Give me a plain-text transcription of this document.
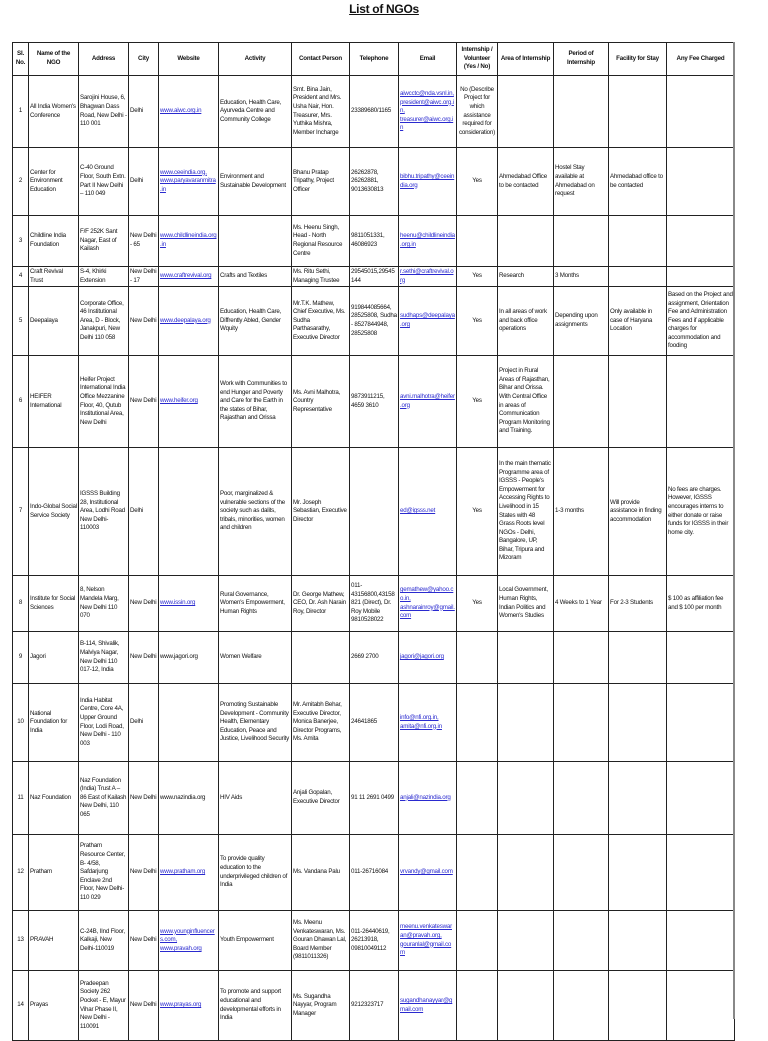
List of NGOs
SI. No.	Name of the NGO	Address	City	Website	Activity	Contact Person	Telephone	Email	Internship / Volunteer (Yes / No)	Area of Internship	Period of Internship	Facility for Stay	Any Fee Charged
1	All India Women's Conference	Sarojini House, 6, Bhagwan Dass Road, New Delhi - 110 001	Delhi	www.aiwc.org.in	Education, Health Care, Ayurveda Centre and Community College	Smt. Bina Jain, President and Mrs. Usha Nair, Hon. Treasurer, Mrs. Yuthika Mishra, Member Incharge	23389680/1165	aiwcctc@nda.vsnl.in, president@aiwc.org.in, treasurer@aiwc.org.in	No (Describe Project for which assistance required for consideration)				
2	Center for Environment Education	C-40 Ground Floor, South Extn. Part II New Delhi – 110 049	Delhi	www.ceeindia.org, www.paryavaranmitra.in	Environment and Sustainable Development	Bhanu Pratap Tripathy, Project Officer	26262878, 26262881, 9013630813	bibhu.tripathy@ceeindia.org	Yes	Ahmedabad Office to be contacted	Hostel Stay available at Ahmedabad on request	Ahmedabad office to be contacted	
3	Childline India Foundation	F/F 252K Sant Nagar, East of Kailash	New Delhi - 65	www.childlineindia.org.in		Ms. Heenu Singh, Head - North Regional Resource Centre	9811051331, 46086923	heenu@childlineindia.org.in					
4	Craft Revival Trust	S-4, Khirki Extension	New Delhi - 17	www.craftrevival.org	Crafts and Textiles	Ms. Ritu Sethi, Managing Trustee	29545015,29545144	r.sethi@craftrevival.org	Yes	Research	3 Months		
5	Deepalaya	Corporate Office, 46 Institutional Area, D - Block, Janakpuri, New Delhi 110 058	New Delhi	www.deepalaya.org	Education, Health Care, Diffrently Abled, Gender Wquity	Mr.T.K. Mathew, Chief Executive, Ms. Sudha Parthasarathy, Executive Director	919844085664, 28525808, Sudha - 8527844948, 28525808	sudhaps@deepalaya.org	Yes	In all areas of work and back office operations	Depending upon assignments	Only available in case of Haryana Location	Based on the Project and assignment, Orientation Fee and Administration Fees and if applicable charges for accommodation and fooding
6	HEIFER International	Heifer Project International India Office Mezzanine Floor, 40, Qutub Institutional Area, New Delhi	New Delhi	www.heifer.org	Work with Communities to end Hunger and Poverty and Care for the Earth in the states of Bihar, Rajasthan and Orissa	Ms. Avni Malhotra, Country Representative	9873911215, 4659 3610	avni.malhotra@heifer.org	Yes	Project in Rural Areas of Rajasthan, Bihar and Orissa. With Central Office in areas of Communication Program Monitoring and Training.			
7	Indo-Global Social Service Society	IGSSS Building 28, Institutional Area, Lodhi Road New Delhi-110003	Delhi		Poor, marginalized & vulnerable sections of the society such as dalits, tribals, minorities, women and children	Mr. Joseph Sebastian, Executive Director		ed@igsss.net	Yes	In the main thematic Programme area of IGSSS - People's Empowerment for Accessing Rights to Livelihood in 15 States with 48 Grass Roots level NGOs - Delhi, Bangalore, UP, Bihar, Tripura and Mizoram	1-3 months	Will provide assistance in finding accommodation	No fees are charges. However, IGSSS encourages interns to either donate or raise funds for IGSSS in their home city.
8	Institute for Social Sciences	8, Nelson Mandela Marg, New Delhi 110 070	New Delhi	www.issin.org	Rural Governance, Women's Empowerment, Human Rights	Dr. George Mathew, CEO, Dr. Ash Narain Roy, Director	011-43156800,43158821 (Direct), Dr. Roy Mobile 9810528022	gemathew@yahoo.co.in, ashnarainroy@gmail.com	Yes	Local Government, Human Rights, Indian Politics and Women's Studies	4 Weeks to 1 Year	For 2-3 Students	$ 100 as affiliation fee and $ 100 per month
9	Jagori	B-114, Shivalik, Malviya Nagar, New Delhi 110 017-12, India	New Delhi	www.jagori.org	Women Welfare		2669 2700	jagori@jagori.org					
10	National Foundation for India	India Habitat Centre, Core 4A, Upper Ground Floor, Lodi Road, New Delhi - 110 003	Delhi		Promoting Sustainable Development - Community Health, Elementary Education, Peace and Justice, Livelihood Security	Mr. Amitabh Behar, Executive Director, Monica Banerjee, Director Programs, Ms. Amita	24641865	info@nfi.org.in, amita@nfi.org.in					
11	Naz Foundation	Naz Foundation (India) Trust A – 86 East of Kailash New Delhi, 110 065	New Delhi	www.nazindia.org	HIV Aids	Anjali Gopalan, Executive Director	91 11 2691 0499	anjali@nazindia.org					
12	Pratham	Pratham Resource Center, B- 4/58, Safdarjung Enclave 2nd Floor, New Delhi-110 029	New Delhi	www.pratham.org	To provide quality education to the underprivileged children of India	Ms. Vandana Palu	011-26716084	vrvandy@gmail.com					
13	PRAVAH	C-24B, IInd Floor, Kalkaji, New Delhi-110019	New Delhi	www.younginfluencers.com, www.pravah.org	Youth Empowerment	Ms. Meenu Venkateswaran, Ms. Gouran Dhawan Lal, Board Member (9811011326)	011-26440619, 26213918, 09810049112	meenu.venkateswaran@pravah.org, gouranlal@gmail.com					
14	Prayas	Pradeepan Society 262 Pocket - E, Mayur Vihar Phase II, New Delhi - 110091	New Delhi	www.prayas.org	To promote and support educational and developmental efforts in India	Ms. Sugandha Nayyar, Program Manager	9212323717	sugandhanayyar@gmail.com					
